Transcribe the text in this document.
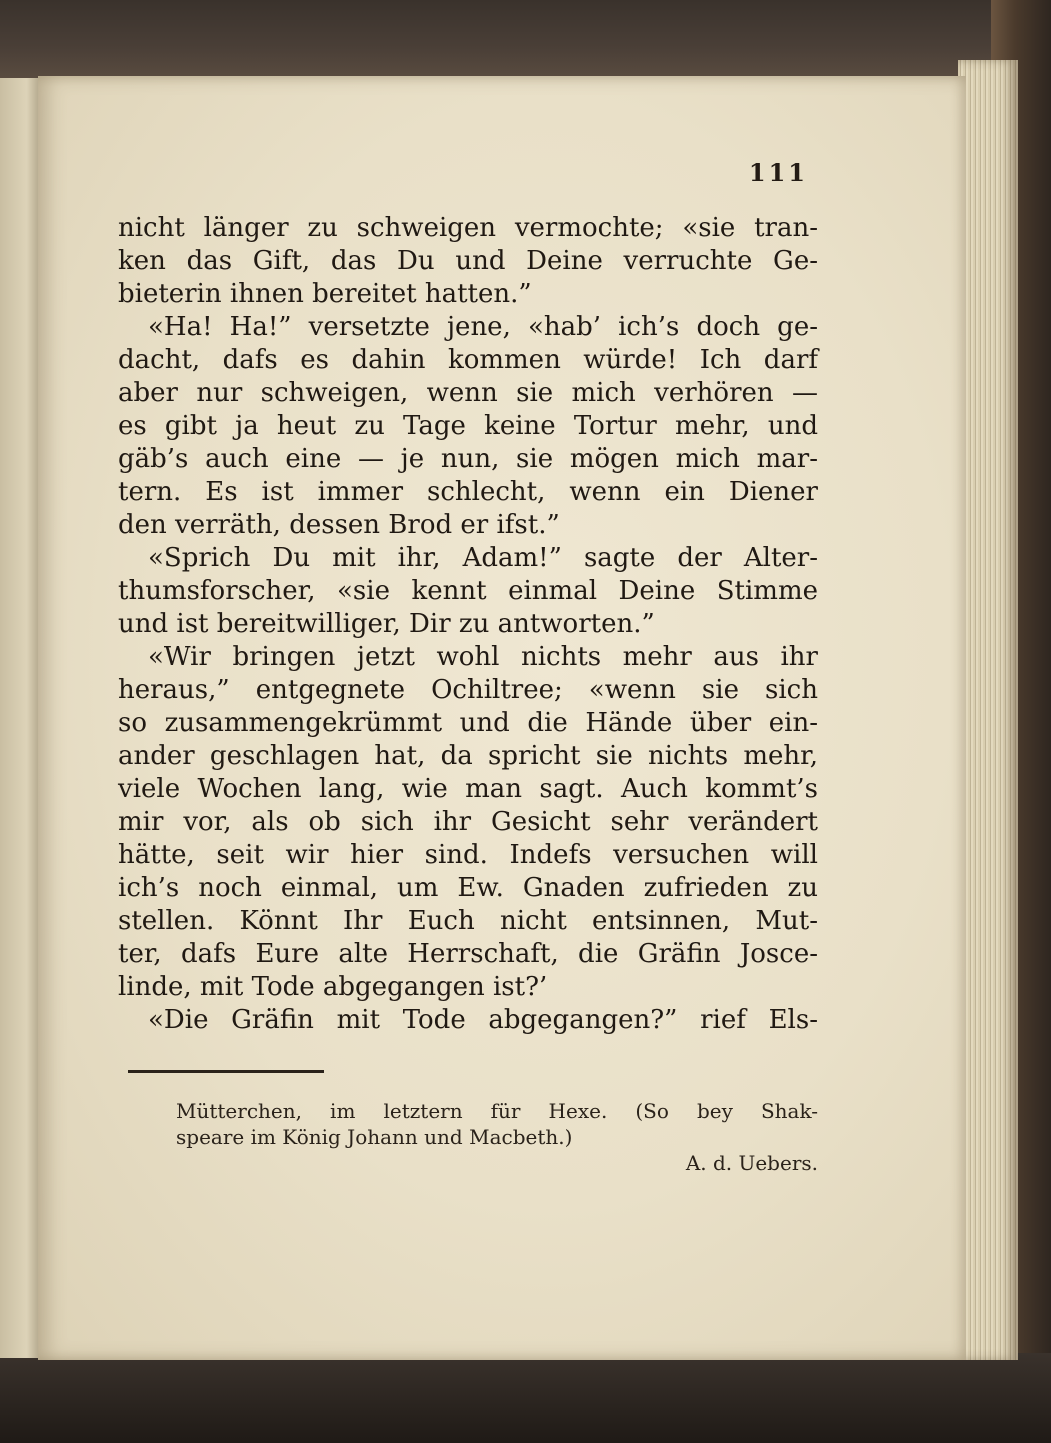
111
nicht länger zu schweigen vermochte; «sie tran-
ken das Gift, das Du und Deine verruchte Ge-
bieterin ihnen bereitet hatten.”
«Ha! Ha!” versetzte jene, «hab’ ich’s doch ge-
dacht, dafs es dahin kommen würde! Ich darf
aber nur schweigen, wenn sie mich verhören —
es gibt ja heut zu Tage keine Tortur mehr, und
gäb’s auch eine — je nun, sie mögen mich mar-
tern. Es ist immer schlecht, wenn ein Diener
den verräth, dessen Brod er ifst.”
«Sprich Du mit ihr, Adam!” sagte der Alter-
thumsforscher, «sie kennt einmal Deine Stimme
und ist bereitwilliger, Dir zu antworten.”
«Wir bringen jetzt wohl nichts mehr aus ihr
heraus,” entgegnete Ochiltree; «wenn sie sich
so zusammengekrümmt und die Hände über ein-
ander geschlagen hat, da spricht sie nichts mehr,
viele Wochen lang, wie man sagt. Auch kommt’s
mir vor, als ob sich ihr Gesicht sehr verändert
hätte, seit wir hier sind. Indefs versuchen will
ich’s noch einmal, um Ew. Gnaden zufrieden zu
stellen. Könnt Ihr Euch nicht entsinnen, Mut-
ter, dafs Eure alte Herrschaft, die Gräfin Josce-
linde, mit Tode abgegangen ist?’
«Die Gräfin mit Tode abgegangen?” rief Els-
Mütterchen, im letztern für Hexe. (So bey Shak-
speare im König Johann und Macbeth.)
A. d. Uebers.
